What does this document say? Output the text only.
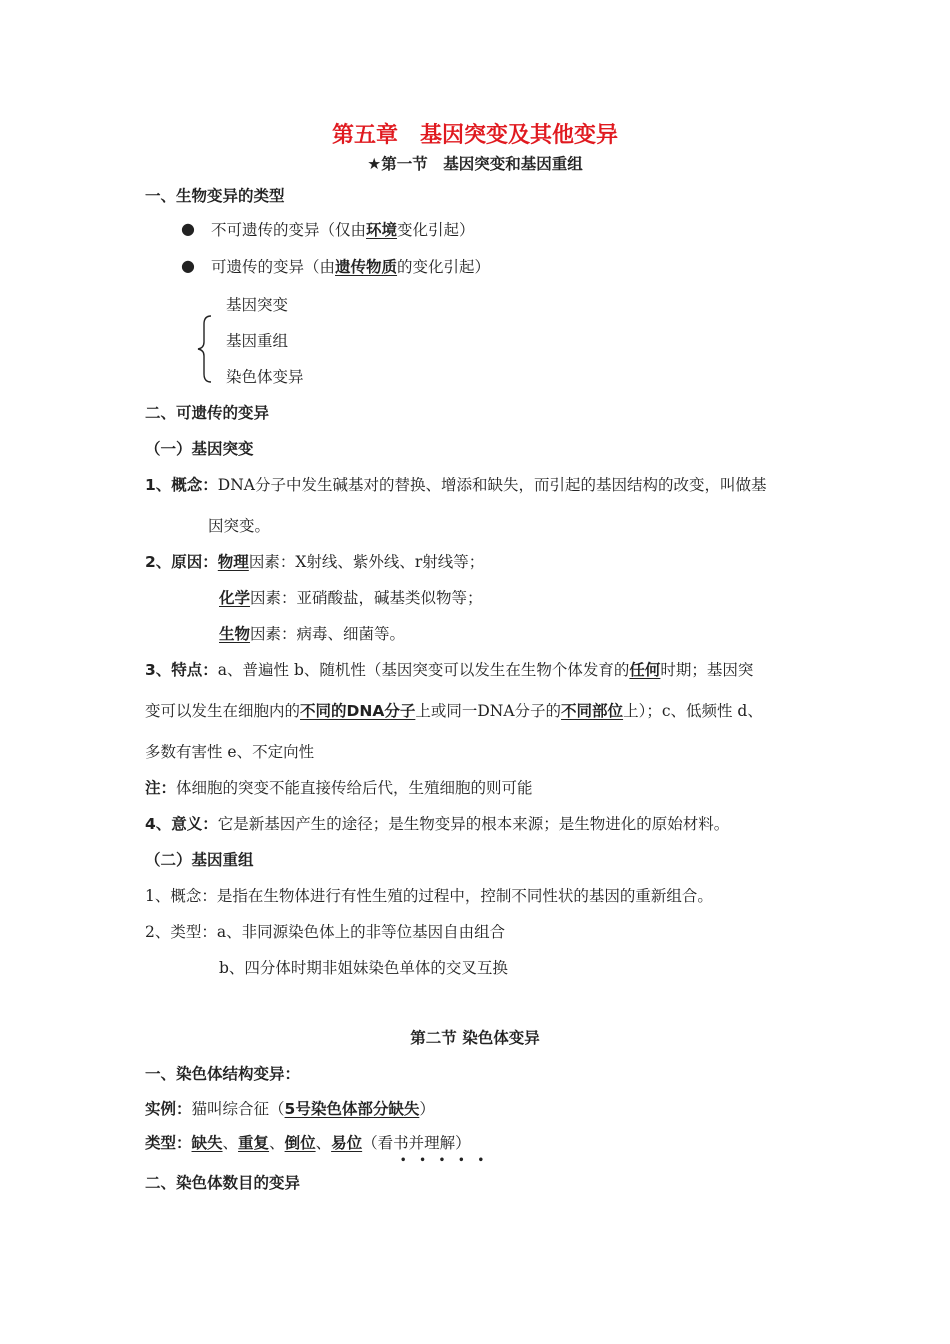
第五章　基因突变及其他变异
★第一节　基因突变和基因重组
一、生物变异的类型
● 不可遗传的变异（仅由环境变化引起）
● 可遗传的变异（由遗传物质的变化引起）
基因突变
基因重组
染色体变异
二、可遗传的变异
（一）基因突变
1、概念：DNA分子中发生碱基对的替换、增添和缺失，而引起的基因结构的改变，叫做基
因突变。
2、原因：物理因素：X射线、紫外线、r射线等；
化学因素：亚硝酸盐，碱基类似物等；
生物因素：病毒、细菌等。
3、特点：a、普遍性 b、随机性（基因突变可以发生在生物个体发育的任何时期；基因突
变可以发生在细胞内的不同的DNA分子上或同一DNA分子的不同部位上）；c、低频性 d、
多数有害性 e、不定向性
注：体细胞的突变不能直接传给后代，生殖细胞的则可能
4、意义：它是新基因产生的途径；是生物变异的根本来源；是生物进化的原始材料。
（二）基因重组
1、概念：是指在生物体进行有性生殖的过程中，控制不同性状的基因的重新组合。
2、类型：a、非同源染色体上的非等位基因自由组合
b、四分体时期非姐妹染色单体的交叉互换
第二节 染色体变异
一、染色体结构变异：
实例：猫叫综合征（5号染色体部分缺失）
类型：缺失、重复、倒位、易位（看书并理解）
•••••
二、染色体数目的变异
